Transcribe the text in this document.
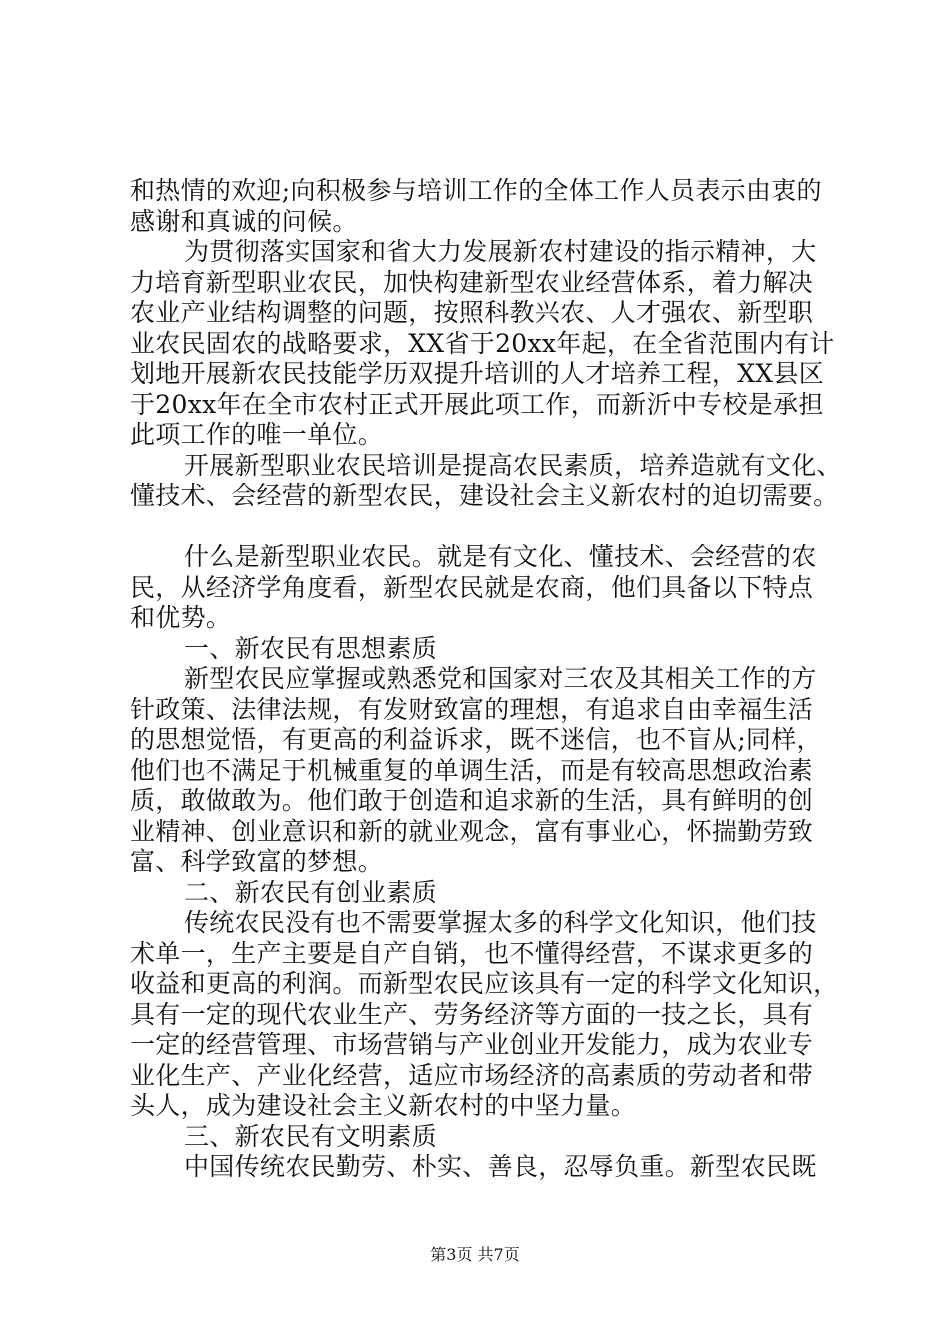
和热情的欢迎;向积极参与培训工作的全体工作人员表示由衷的
感谢和真诚的问候。
为贯彻落实国家和省大力发展新农村建设的指示精神，大
力培育新型职业农民，加快构建新型农业经营体系，着力解决
农业产业结构调整的问题，按照科教兴农、人才强农、新型职
业农民固农的战略要求，XX省于20xx年起，在全省范围内有计
划地开展新农民技能学历双提升培训的人才培养工程，XX县区
于20xx年在全市农村正式开展此项工作，而新沂中专校是承担
此项工作的唯一单位。
开展新型职业农民培训是提高农民素质，培养造就有文化、
懂技术、会经营的新型农民，建设社会主义新农村的迫切需要。
什么是新型职业农民。就是有文化、懂技术、会经营的农
民，从经济学角度看，新型农民就是农商，他们具备以下特点
和优势。
一、新农民有思想素质
新型农民应掌握或熟悉党和国家对三农及其相关工作的方
针政策、法律法规，有发财致富的理想，有追求自由幸福生活
的思想觉悟，有更高的利益诉求，既不迷信，也不盲从;同样，
他们也不满足于机械重复的单调生活，而是有较高思想政治素
质，敢做敢为。他们敢于创造和追求新的生活，具有鲜明的创
业精神、创业意识和新的就业观念，富有事业心，怀揣勤劳致
富、科学致富的梦想。
二、新农民有创业素质
传统农民没有也不需要掌握太多的科学文化知识，他们技
术单一，生产主要是自产自销，也不懂得经营，不谋求更多的
收益和更高的利润。而新型农民应该具有一定的科学文化知识，
具有一定的现代农业生产、劳务经济等方面的一技之长，具有
一定的经营管理、市场营销与产业创业开发能力，成为农业专
业化生产、产业化经营，适应市场经济的高素质的劳动者和带
头人，成为建设社会主义新农村的中坚力量。
三、新农民有文明素质
中国传统农民勤劳、朴实、善良，忍辱负重。新型农民既
第3页 共7页
